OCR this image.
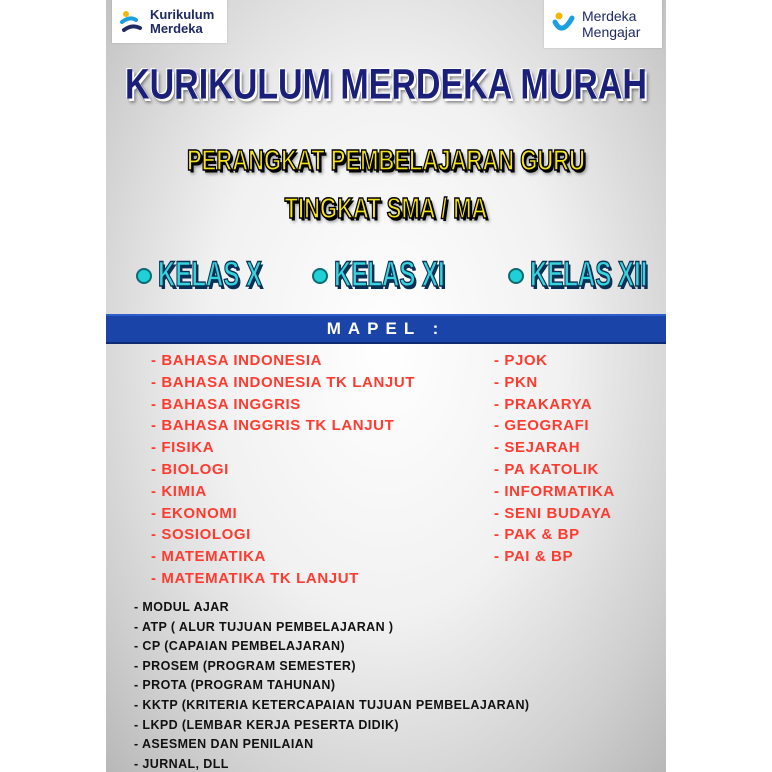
Kurikulum
Merdeka
Merdeka
Mengajar
KURIKULUM MERDEKA MURAH
PERANGKAT PEMBELAJARAN GURU
TINGKAT SMA / MA
KELAS X	KELAS XI	KELAS XII
MAPEL :
- BAHASA INDONESIA
- BAHASA INDONESIA TK LANJUT
- BAHASA INGGRIS
- BAHASA INGGRIS TK LANJUT
- FISIKA
- BIOLOGI
- KIMIA
- EKONOMI
- SOSIOLOGI
- MATEMATIKA
- MATEMATIKA TK LANJUT
- PJOK
- PKN
- PRAKARYA
- GEOGRAFI
- SEJARAH
- PA KATOLIK
- INFORMATIKA
- SENI BUDAYA
- PAK & BP
- PAI & BP
- MODUL AJAR
- ATP ( ALUR TUJUAN PEMBELAJARAN )
- CP (CAPAIAN PEMBELAJARAN)
- PROSEM (PROGRAM SEMESTER)
- PROTA (PROGRAM TAHUNAN)
- KKTP (KRITERIA KETERCAPAIAN TUJUAN PEMBELAJARAN)
- LKPD (LEMBAR KERJA PESERTA DIDIK)
- ASESMEN DAN PENILAIAN
- JURNAL, DLL
